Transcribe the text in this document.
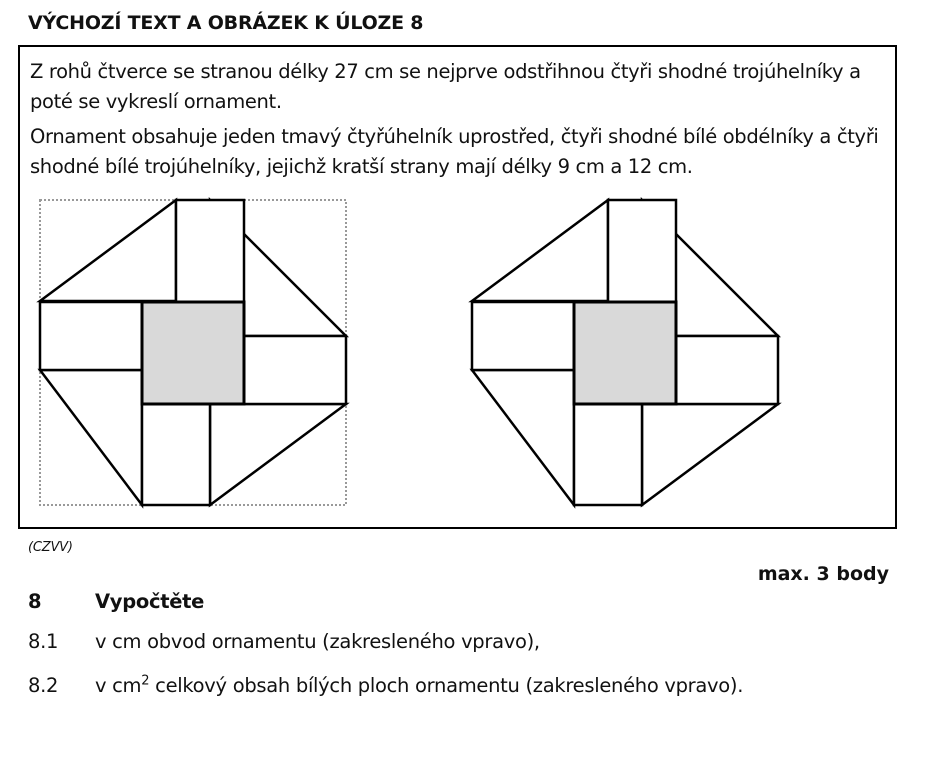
VÝCHOZÍ TEXT A OBRÁZEK K ÚLOZE 8

Z rohů čtverce se stranou délky 27 cm se nejprve odstřihnou čtyři shodné trojúhelníky a poté se vykreslí ornament.

Ornament obsahuje jeden tmavý čtyřúhelník uprostřed, čtyři shodné bílé obdélníky a čtyři shodné bílé trojúhelníky, jejichž kratší strany mají délky 9 cm a 12 cm.

(CZVV)
max. 3 body
8	Vypočtěte
8.1 v cm obvod ornamentu (zakresleného vpravo),
8.2 v $cm^2$ celkový obsah bílých ploch ornamentu (zakresleného vpravo).
